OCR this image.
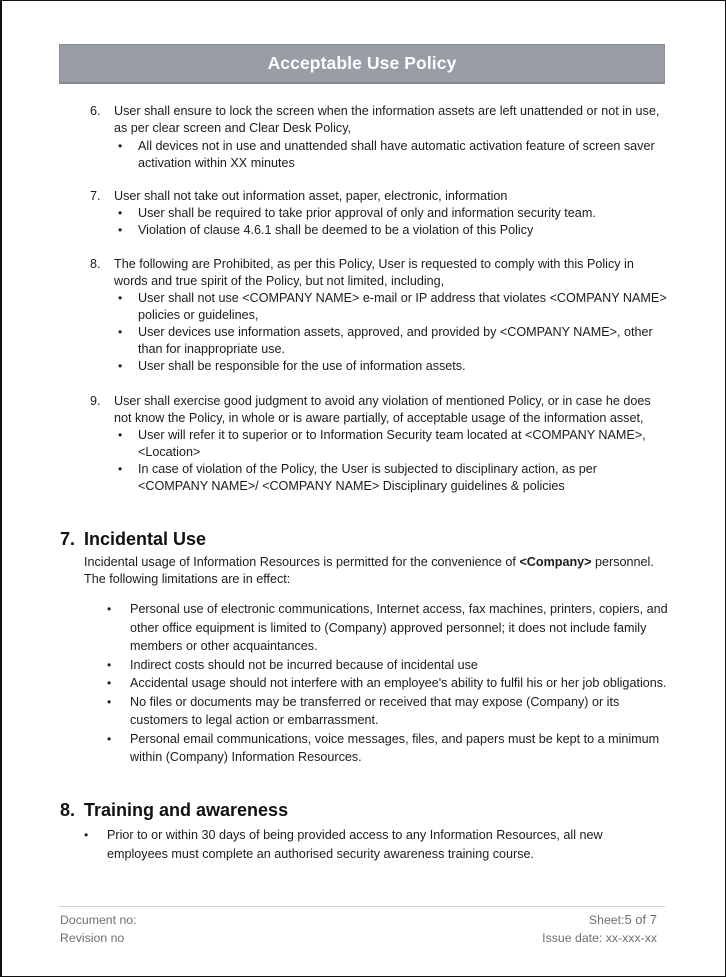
Acceptable Use Policy
6.	User shall ensure to lock the screen when the information assets are left unattended or not in use, as per clear screen and Clear Desk Policy,
• All devices not in use and unattended shall have automatic activation feature of screen saver activation within XX minutes
7.	User shall not take out information asset, paper, electronic, information
• User shall be required to take prior approval of only and information security team.
• Violation of clause 4.6.1 shall be deemed to be a violation of this Policy
8.	The following are Prohibited, as per this Policy, User is requested to comply with this Policy in words and true spirit of the Policy, but not limited, including,
• User shall not use <COMPANY NAME> e-mail or IP address that violates <COMPANY NAME> policies or guidelines,
• User devices use information assets, approved, and provided by <COMPANY NAME>, other than for inappropriate use.
• User shall be responsible for the use of information assets.
9.	User shall exercise good judgment to avoid any violation of mentioned Policy, or in case he does not know the Policy, in whole or is aware partially, of acceptable usage of the information asset,
• User will refer it to superior or to Information Security team located at <COMPANY NAME>, <Location>
• In case of violation of the Policy, the User is subjected to disciplinary action, as per <COMPANY NAME>/ <COMPANY NAME> Disciplinary guidelines & policies
7. Incidental Use
Incidental usage of Information Resources is permitted for the convenience of <Company> personnel. The following limitations are in effect:
• Personal use of electronic communications, Internet access, fax machines, printers, copiers, and other office equipment is limited to (Company) approved personnel; it does not include family members or other acquaintances.
• Indirect costs should not be incurred because of incidental use
• Accidental usage should not interfere with an employee's ability to fulfil his or her job obligations.
• No files or documents may be transferred or received that may expose (Company) or its customers to legal action or embarrassment.
• Personal email communications, voice messages, files, and papers must be kept to a minimum within (Company) Information Resources.
8. Training and awareness
• Prior to or within 30 days of being provided access to any Information Resources, all new employees must complete an authorised security awareness training course.
Document no:
Revision no
Sheet:5 of 7
Issue date: xx-xxx-xx
